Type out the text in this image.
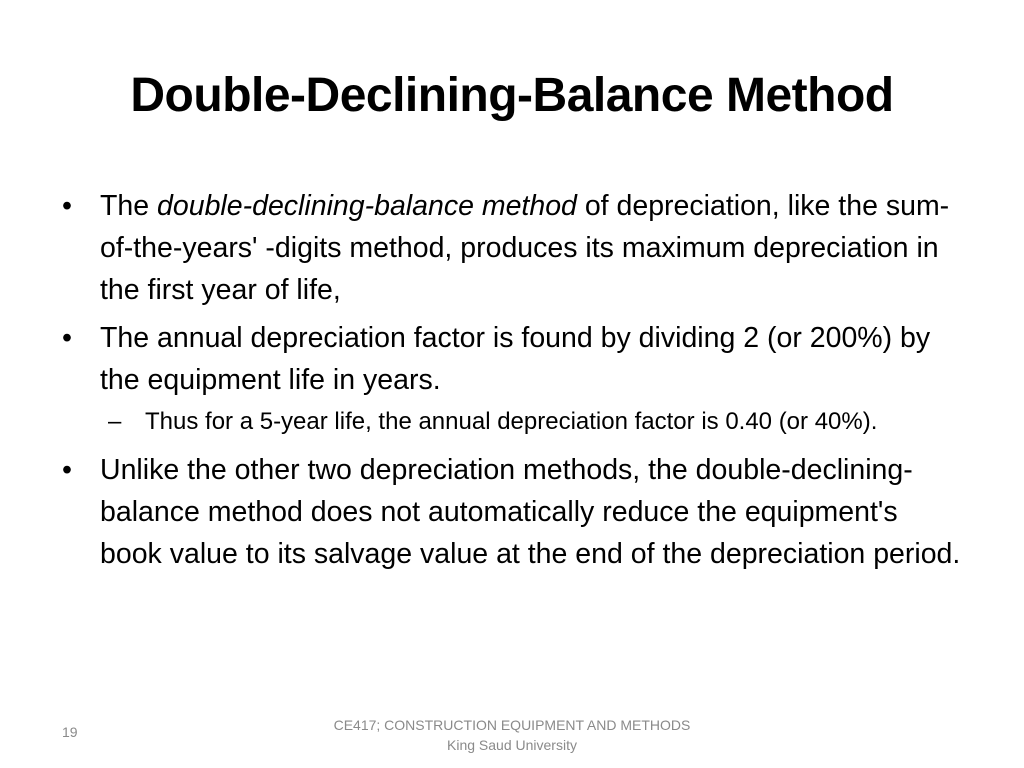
Double-Declining-Balance Method
• The double-declining-balance method of depreciation, like the sum-of-the-years' -digits method, produces its maximum depreciation in the first year of life,
• The annual depreciation factor is found by dividing 2 (or 200%) by the equipment life in years.
– Thus for a 5-year life, the annual depreciation factor is 0.40 (or 40%).
• Unlike the other two depreciation methods, the double-declining-balance method does not automatically reduce the equipment's book value to its salvage value at the end of the depreciation period.
19	CE417; CONSTRUCTION EQUIPMENT AND METHODS
King Saud University
